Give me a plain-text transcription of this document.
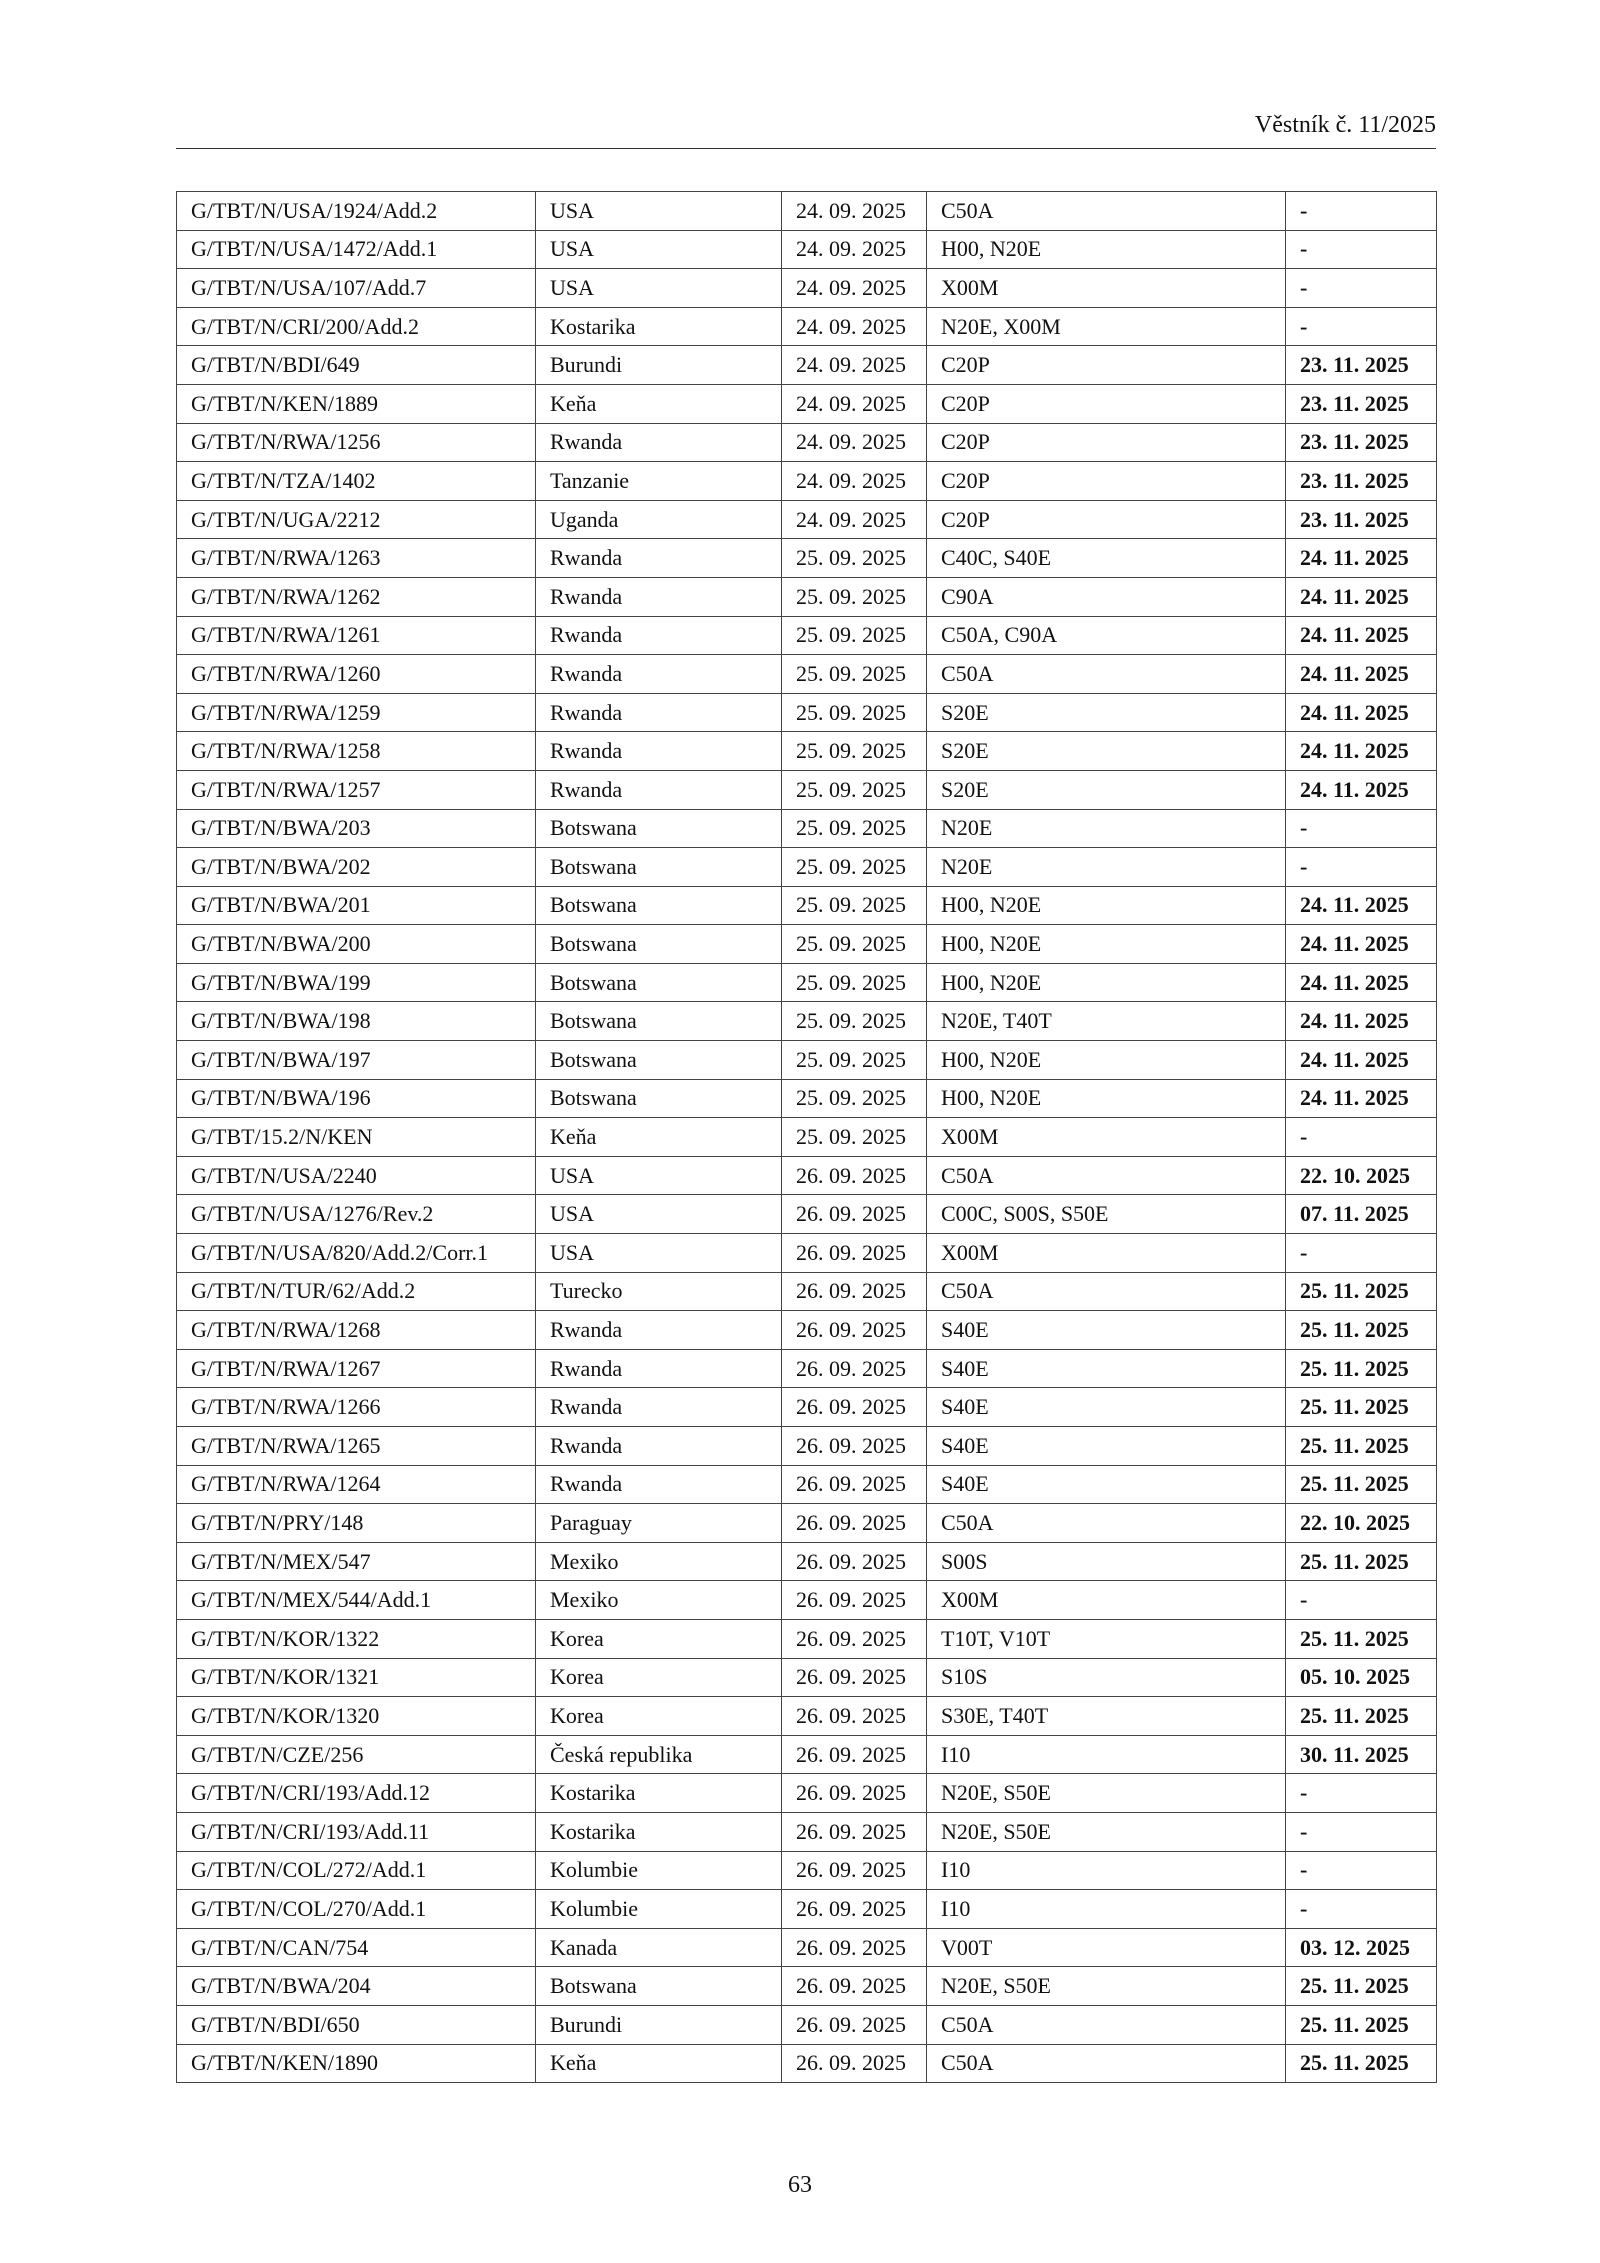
Věstník č. 11/2025
G/TBT/N/USA/1924/Add.2	USA	24. 09. 2025	C50A	-
G/TBT/N/USA/1472/Add.1	USA	24. 09. 2025	H00, N20E	-
G/TBT/N/USA/107/Add.7	USA	24. 09. 2025	X00M	-
G/TBT/N/CRI/200/Add.2	Kostarika	24. 09. 2025	N20E, X00M	-
G/TBT/N/BDI/649	Burundi	24. 09. 2025	C20P	23. 11. 2025
G/TBT/N/KEN/1889	Keňa	24. 09. 2025	C20P	23. 11. 2025
G/TBT/N/RWA/1256	Rwanda	24. 09. 2025	C20P	23. 11. 2025
G/TBT/N/TZA/1402	Tanzanie	24. 09. 2025	C20P	23. 11. 2025
G/TBT/N/UGA/2212	Uganda	24. 09. 2025	C20P	23. 11. 2025
G/TBT/N/RWA/1263	Rwanda	25. 09. 2025	C40C, S40E	24. 11. 2025
G/TBT/N/RWA/1262	Rwanda	25. 09. 2025	C90A	24. 11. 2025
G/TBT/N/RWA/1261	Rwanda	25. 09. 2025	C50A, C90A	24. 11. 2025
G/TBT/N/RWA/1260	Rwanda	25. 09. 2025	C50A	24. 11. 2025
G/TBT/N/RWA/1259	Rwanda	25. 09. 2025	S20E	24. 11. 2025
G/TBT/N/RWA/1258	Rwanda	25. 09. 2025	S20E	24. 11. 2025
G/TBT/N/RWA/1257	Rwanda	25. 09. 2025	S20E	24. 11. 2025
G/TBT/N/BWA/203	Botswana	25. 09. 2025	N20E	-
G/TBT/N/BWA/202	Botswana	25. 09. 2025	N20E	-
G/TBT/N/BWA/201	Botswana	25. 09. 2025	H00, N20E	24. 11. 2025
G/TBT/N/BWA/200	Botswana	25. 09. 2025	H00, N20E	24. 11. 2025
G/TBT/N/BWA/199	Botswana	25. 09. 2025	H00, N20E	24. 11. 2025
G/TBT/N/BWA/198	Botswana	25. 09. 2025	N20E, T40T	24. 11. 2025
G/TBT/N/BWA/197	Botswana	25. 09. 2025	H00, N20E	24. 11. 2025
G/TBT/N/BWA/196	Botswana	25. 09. 2025	H00, N20E	24. 11. 2025
G/TBT/15.2/N/KEN	Keňa	25. 09. 2025	X00M	-
G/TBT/N/USA/2240	USA	26. 09. 2025	C50A	22. 10. 2025
G/TBT/N/USA/1276/Rev.2	USA	26. 09. 2025	C00C, S00S, S50E	07. 11. 2025
G/TBT/N/USA/820/Add.2/Corr.1	USA	26. 09. 2025	X00M	-
G/TBT/N/TUR/62/Add.2	Turecko	26. 09. 2025	C50A	25. 11. 2025
G/TBT/N/RWA/1268	Rwanda	26. 09. 2025	S40E	25. 11. 2025
G/TBT/N/RWA/1267	Rwanda	26. 09. 2025	S40E	25. 11. 2025
G/TBT/N/RWA/1266	Rwanda	26. 09. 2025	S40E	25. 11. 2025
G/TBT/N/RWA/1265	Rwanda	26. 09. 2025	S40E	25. 11. 2025
G/TBT/N/RWA/1264	Rwanda	26. 09. 2025	S40E	25. 11. 2025
G/TBT/N/PRY/148	Paraguay	26. 09. 2025	C50A	22. 10. 2025
G/TBT/N/MEX/547	Mexiko	26. 09. 2025	S00S	25. 11. 2025
G/TBT/N/MEX/544/Add.1	Mexiko	26. 09. 2025	X00M	-
G/TBT/N/KOR/1322	Korea	26. 09. 2025	T10T, V10T	25. 11. 2025
G/TBT/N/KOR/1321	Korea	26. 09. 2025	S10S	05. 10. 2025
G/TBT/N/KOR/1320	Korea	26. 09. 2025	S30E, T40T	25. 11. 2025
G/TBT/N/CZE/256	Česká republika	26. 09. 2025	I10	30. 11. 2025
G/TBT/N/CRI/193/Add.12	Kostarika	26. 09. 2025	N20E, S50E	-
G/TBT/N/CRI/193/Add.11	Kostarika	26. 09. 2025	N20E, S50E	-
G/TBT/N/COL/272/Add.1	Kolumbie	26. 09. 2025	I10	-
G/TBT/N/COL/270/Add.1	Kolumbie	26. 09. 2025	I10	-
G/TBT/N/CAN/754	Kanada	26. 09. 2025	V00T	03. 12. 2025
G/TBT/N/BWA/204	Botswana	26. 09. 2025	N20E, S50E	25. 11. 2025
G/TBT/N/BDI/650	Burundi	26. 09. 2025	C50A	25. 11. 2025
G/TBT/N/KEN/1890	Keňa	26. 09. 2025	C50A	25. 11. 2025
63
